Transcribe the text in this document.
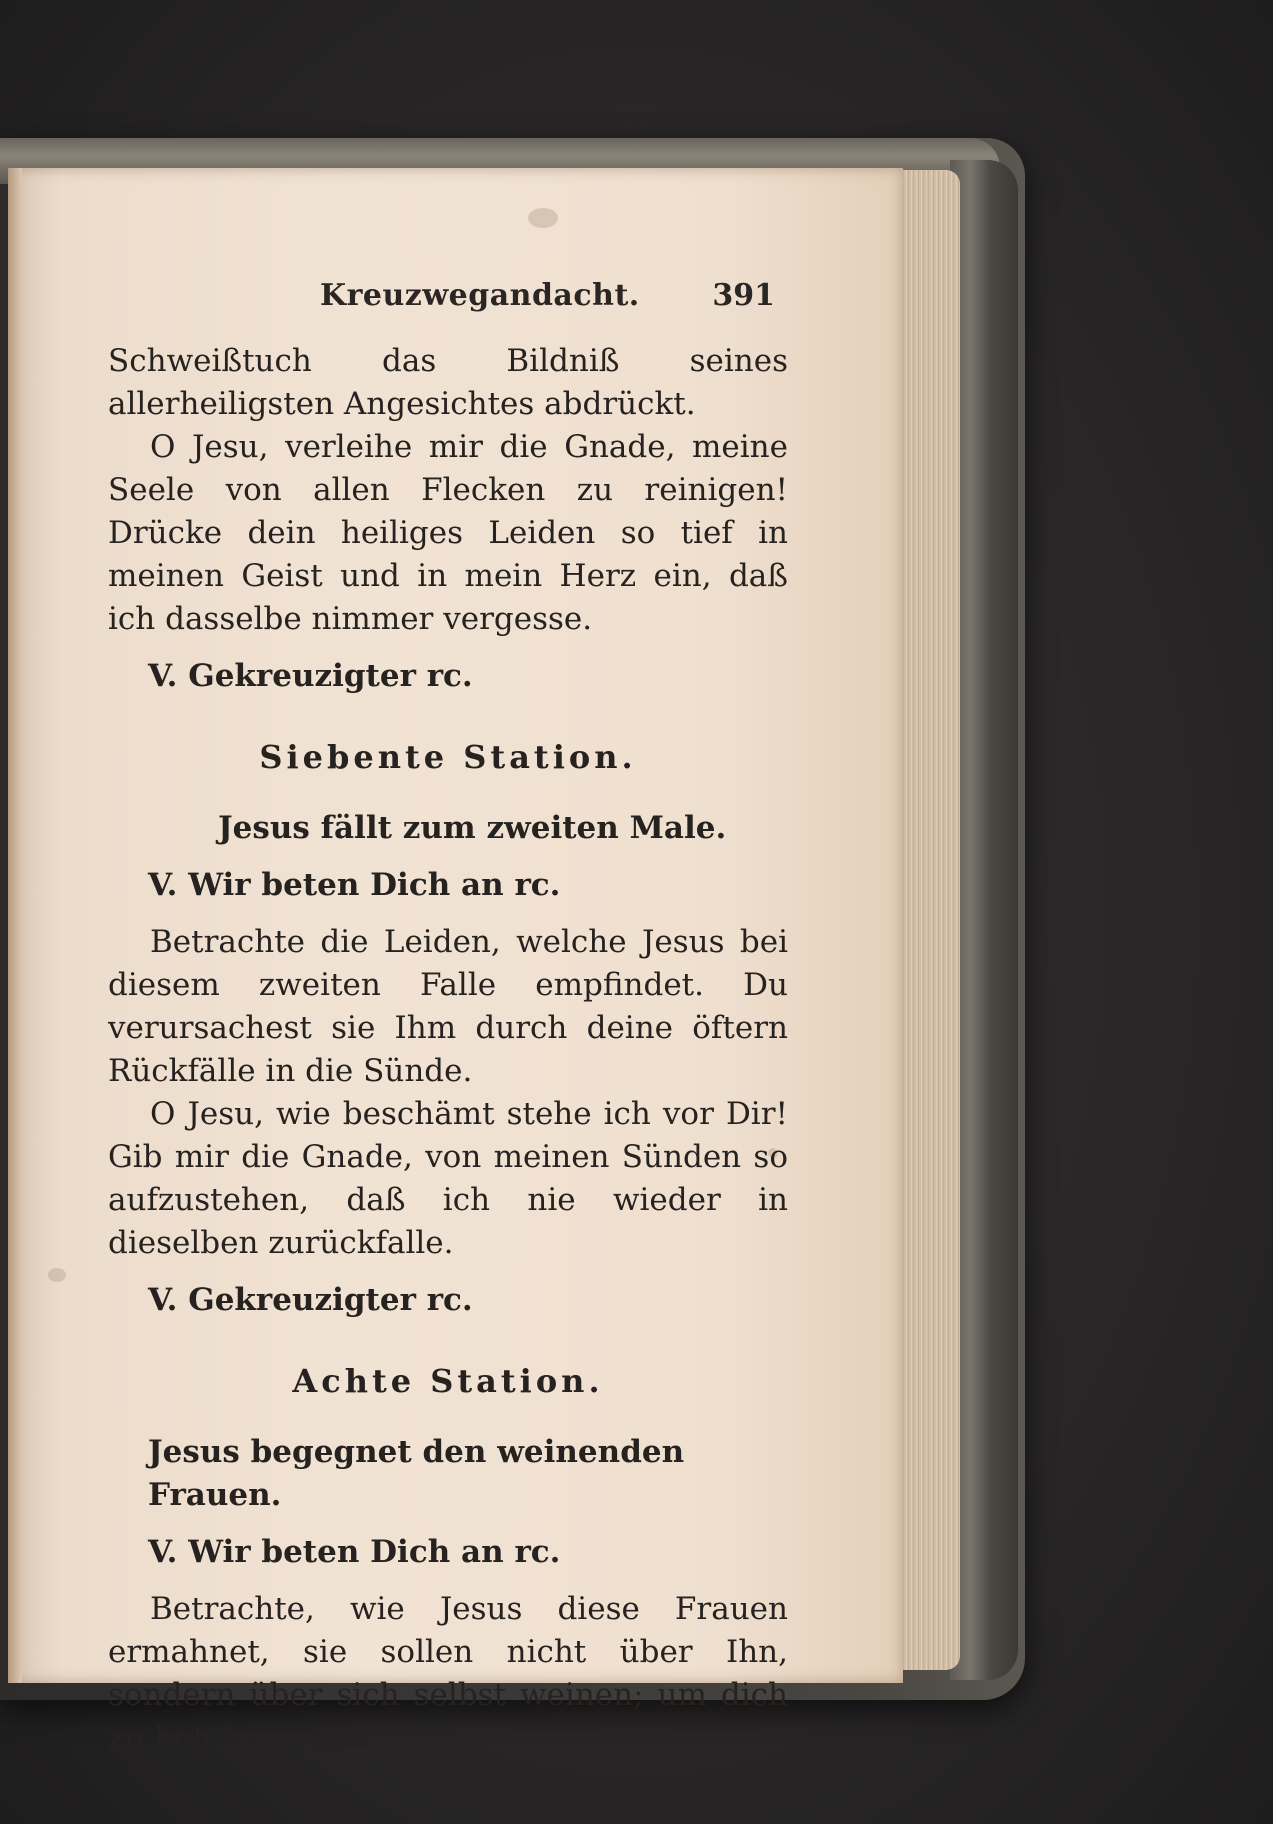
Kreuzwegandacht. 391

Schweißtuch das Bildniß seines allerheiligsten Angesichtes abdrückt.

O Jesu, verleihe mir die Gnade, meine Seele von allen Flecken zu reinigen! Drücke dein heiliges Leiden so tief in meinen Geist und in mein Herz ein, daß ich dasselbe nimmer vergesse.

V. Gekreuzigter rc.

Siebente Station.

Jesus fällt zum zweiten Male.

V. Wir beten Dich an rc.

Betrachte die Leiden, welche Jesus bei diesem zweiten Falle empfindet. Du verursachest sie Ihm durch deine öftern Rückfälle in die Sünde.

O Jesu, wie beschämt stehe ich vor Dir! Gib mir die Gnade, von meinen Sünden so aufzustehen, daß ich nie wieder in dieselben zurückfalle.

V. Gekreuzigter rc.

Achte Station.

Jesus begegnet den weinenden Frauen.

V. Wir beten Dich an rc.

Betrachte, wie Jesus diese Frauen ermahnet, sie sollen nicht über Ihn, sondern über sich selbst weinen; um dich zu belehren, daß
